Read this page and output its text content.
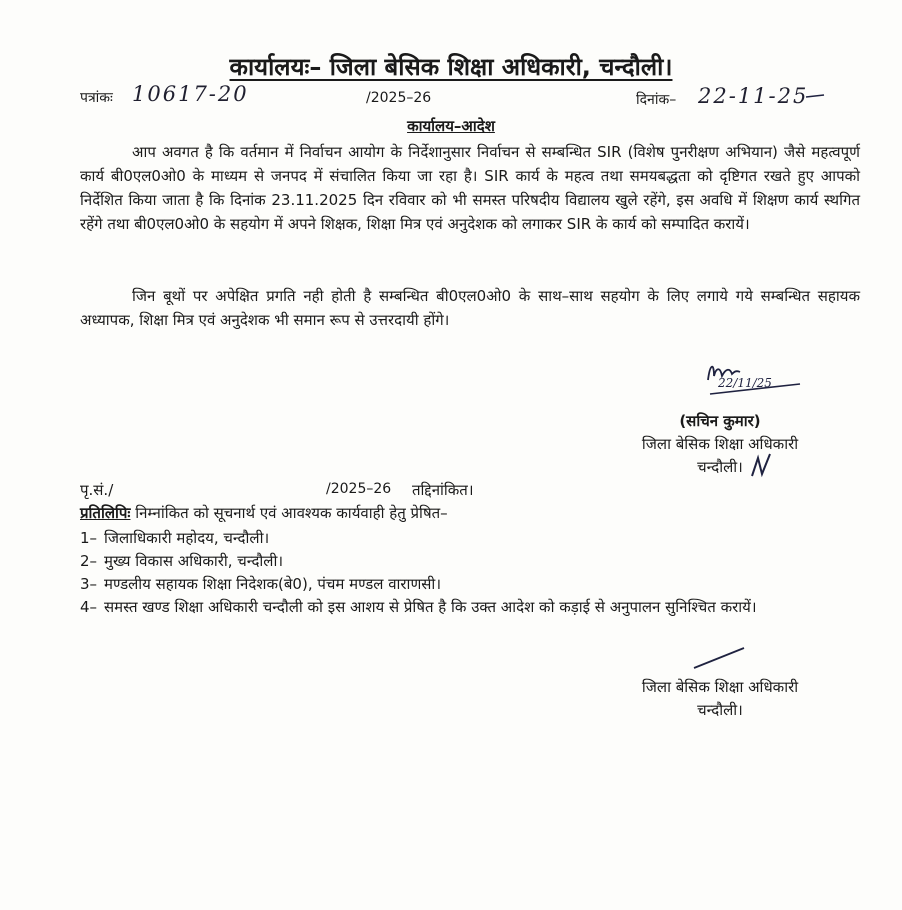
कार्यालयः– जिला बेसिक शिक्षा अधिकारी, चन्दौली।
पत्रांकः 10617-20	/2025–26	दिनांक– 22-11-25
कार्यालय–आदेश

आप अवगत है कि वर्तमान में निर्वाचन आयोग के निर्देशानुसार निर्वाचन से सम्बन्धित SIR (विशेष पुनरीक्षण अभियान) जैसे महत्वपूर्ण कार्य बी0एल0ओ0 के माध्यम से जनपद में संचालित किया जा रहा है। SIR कार्य के महत्व तथा समयबद्धता को दृष्टिगत रखते हुए आपको निर्देशित किया जाता है कि दिनांक 23.11.2025 दिन रविवार को भी समस्त परिषदीय विद्यालय खुले रहेंगे, इस अवधि में शिक्षण कार्य स्थगित रहेंगे तथा बी0एल0ओ0 के सहयोग में अपने शिक्षक, शिक्षा मित्र एवं अनुदेशक को लगाकर SIR के कार्य को सम्पादित करायें।

जिन बूथों पर अपेक्षित प्रगति नही होती है सम्बन्धित बी0एल0ओ0 के साथ–साथ सहयोग के लिए लगाये गये सम्बन्धित सहायक अध्यापक, शिक्षा मित्र एवं अनुदेशक भी समान रूप से उत्तरदायी होंगे।

22/11/25
(सचिन कुमार)
जिला बेसिक शिक्षा अधिकारी
चन्दौली।
पृ.सं./	/2025–26 तद्दिनांकित।
प्रतिलिपिः निम्नांकित को सूचनार्थ एवं आवश्यक कार्यवाही हेतु प्रेषित–
1– जिलाधिकारी महोदय, चन्दौली।
2– मुख्य विकास अधिकारी, चन्दौली।
3– मण्डलीय सहायक शिक्षा निदेशक(बे0), पंचम मण्डल वाराणसी।
4– समस्त खण्ड शिक्षा अधिकारी चन्दौली को इस आशय से प्रेषित है कि उक्त आदेश को कड़ाई से अनुपालन सुनिश्चित करायें।
जिला बेसिक शिक्षा अधिकारी
चन्दौली।
